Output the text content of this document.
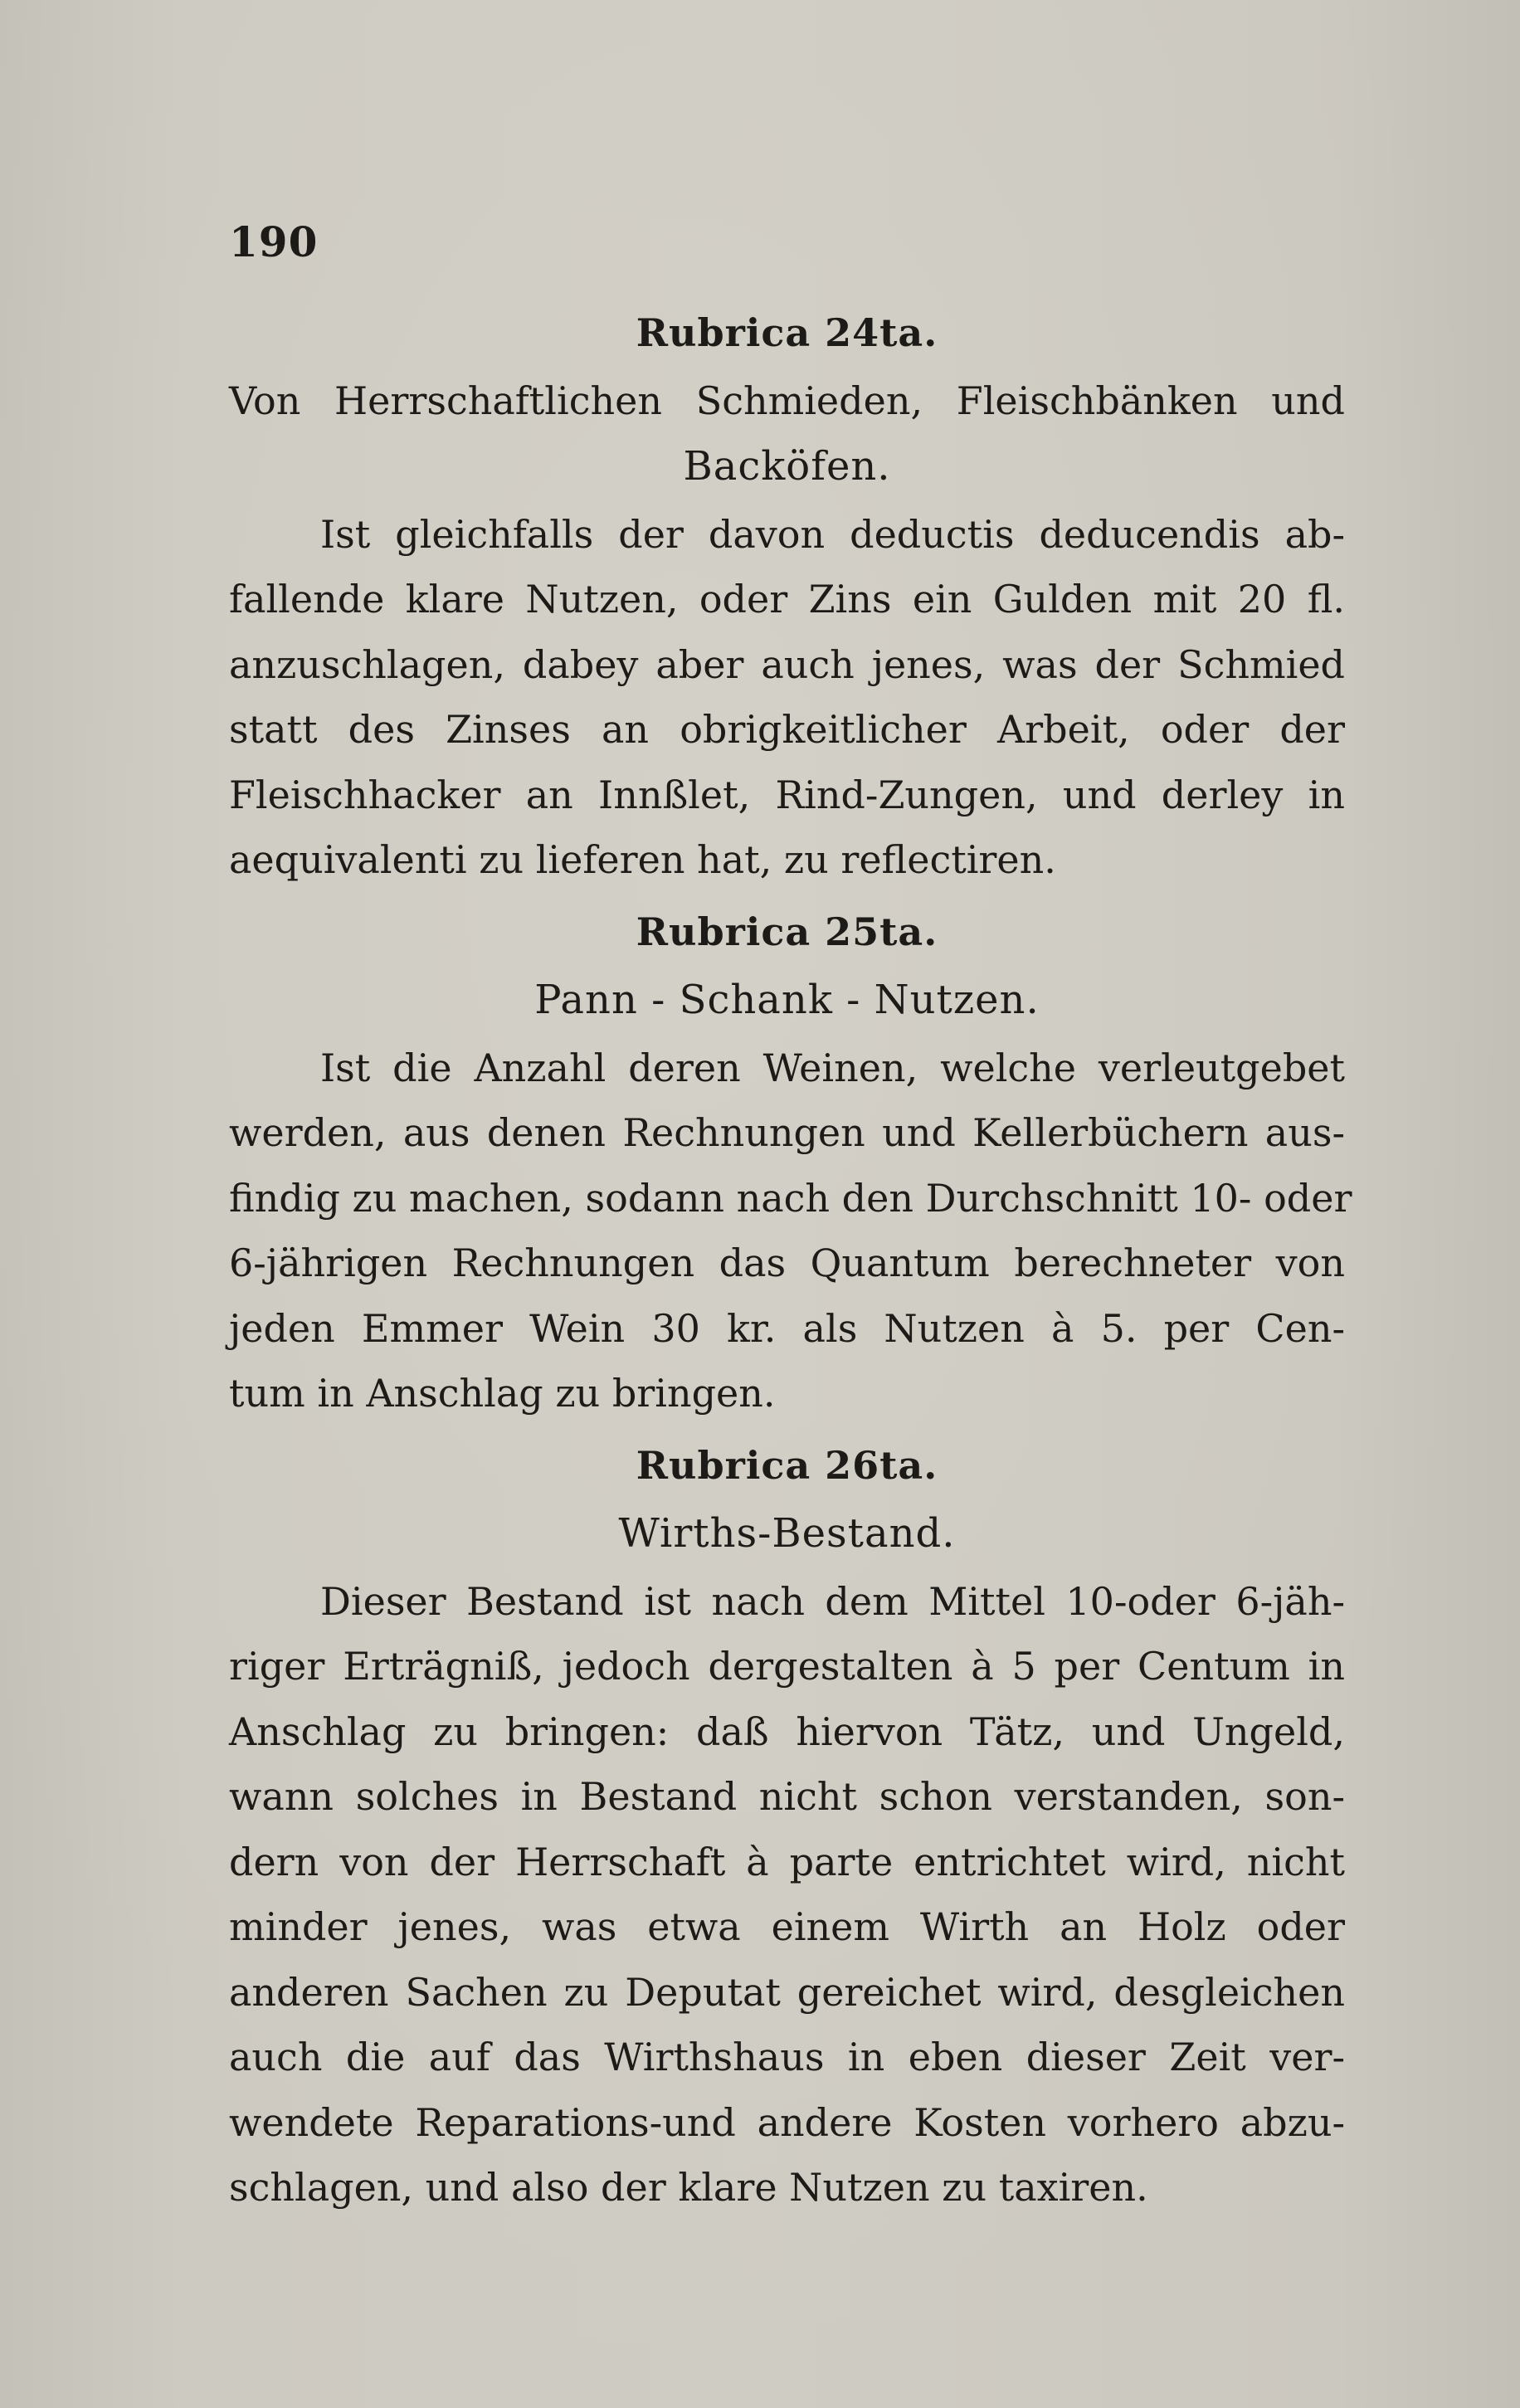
190

Rubrica 24ta.

Von Herrschaftlichen Schmieden, Fleischbänken und

Backöfen.

Ist gleichfalls der davon deductis deducendis ab-
fallende klare Nutzen, oder Zins ein Gulden mit 20 fl.
anzuschlagen, dabey aber auch jenes, was der Schmied
statt des Zinses an obrigkeitlicher Arbeit, oder der
Fleischhacker an Innßlet, Rind-Zungen, und derley in
aequivalenti zu lieferen hat, zu reflectiren.

Rubrica 25ta.

Pann - Schank - Nutzen.

Ist die Anzahl deren Weinen, welche verleutgebet
werden, aus denen Rechnungen und Kellerbüchern aus-
findig zu machen, sodann nach den Durchschnitt 10- oder
6-jährigen Rechnungen das Quantum berechneter von
jeden Emmer Wein 30 kr. als Nutzen à 5. per Cen-
tum in Anschlag zu bringen.

Rubrica 26ta.

Wirths-Bestand.

Dieser Bestand ist nach dem Mittel 10-oder 6-jäh-
riger Erträgniß, jedoch dergestalten à 5 per Centum in
Anschlag zu bringen: daß hiervon Tätz, und Ungeld,
wann solches in Bestand nicht schon verstanden, son-
dern von der Herrschaft à parte entrichtet wird, nicht
minder jenes, was etwa einem Wirth an Holz oder
anderen Sachen zu Deputat gereichet wird, desgleichen
auch die auf das Wirthshaus in eben dieser Zeit ver-
wendete Reparations-und andere Kosten vorhero abzu-
schlagen, und also der klare Nutzen zu taxiren.
